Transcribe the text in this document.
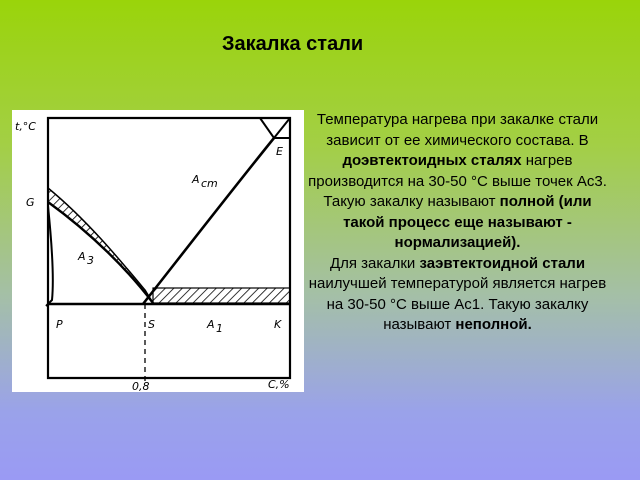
Закалка стали
t,°C
G
E
A cm
A 3
P	S	A 1	K
0,8	C,%

Температура нагрева при закалке стали зависит от ее химического состава. В доэвтектоидных сталях нагрев производится на 30-50 °С выше точек Ас3. Такую закалку называют полной (или такой процесс еще называют - нормализацией).

Для закалки заэвтектоидной стали наилучшей температурой является нагрев на 30-50 °С выше Ас1. Такую закалку называют неполной.
